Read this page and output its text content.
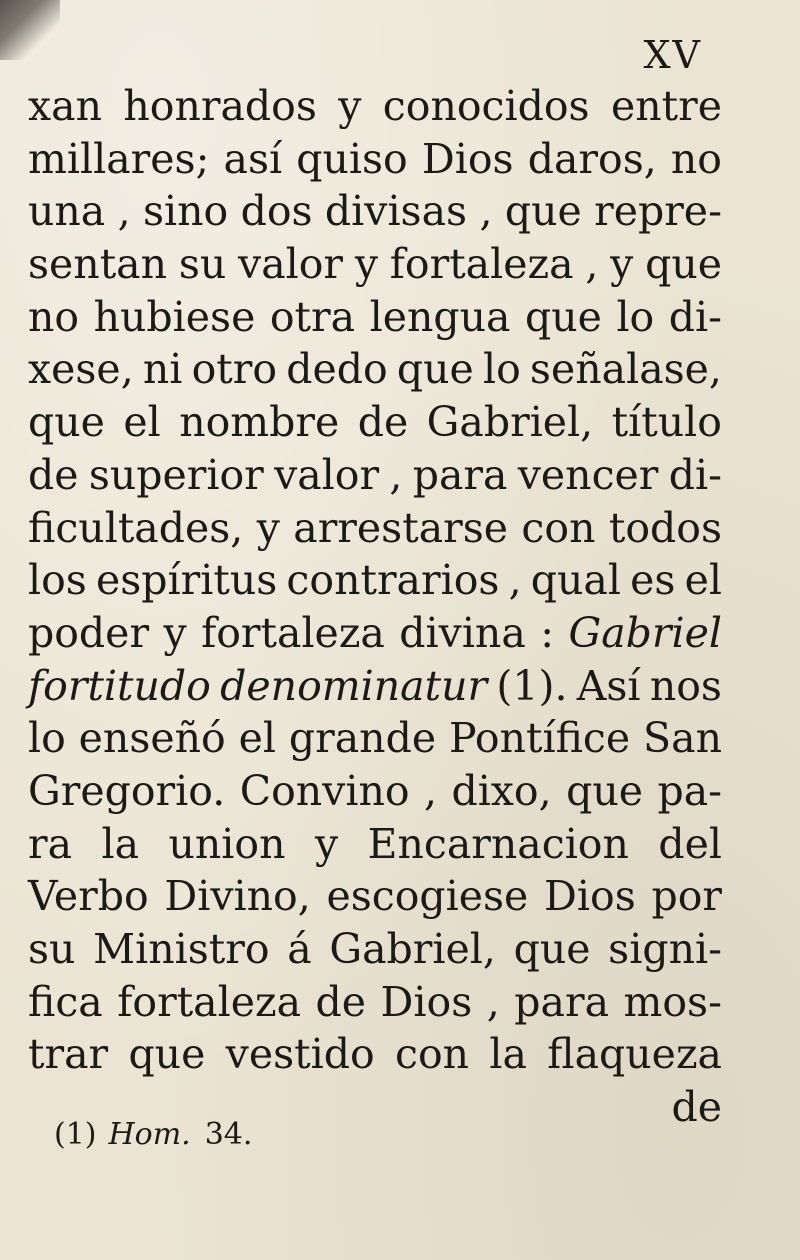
XV
xan honrados y conocidos entre
millares; así quiso Dios daros, no
una , sino dos divisas , que repre-
sentan su valor y fortaleza , y que
no hubiese otra lengua que lo di-
xese, ni otro dedo que lo señalase,
que el nombre de Gabriel, título
de superior valor , para vencer di-
ficultades, y arrestarse con todos
los espíritus contrarios , qual es el
poder y fortaleza divina : Gabriel
fortitudo denominatur (1). Así nos
lo enseñó el grande Pontífice San
Gregorio. Convino , dixo, que pa-
ra la union y Encarnacion del
Verbo Divino, escogiese Dios por
su Ministro á Gabriel, que signi-
fica fortaleza de Dios , para mos-
trar que vestido con la flaqueza
de
(1) Hom. 34.
